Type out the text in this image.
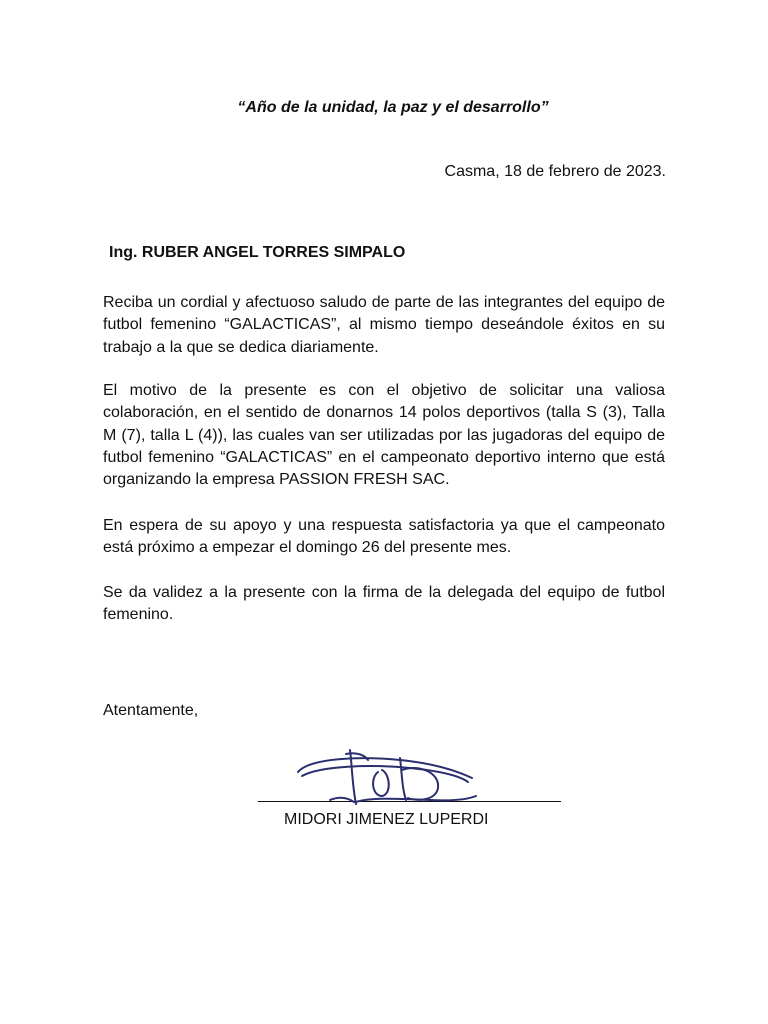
“Año de la unidad, la paz y el desarrollo”
Casma, 18 de febrero de 2023.
Ing. RUBER ANGEL TORRES SIMPALO
Reciba un cordial y afectuoso saludo de parte de las integrantes del equipo de futbol femenino “GALACTICAS”, al mismo tiempo deseándole éxitos en su trabajo a la que se dedica diariamente.
El motivo de la presente es con el objetivo de solicitar una valiosa colaboración, en el sentido de donarnos 14 polos deportivos (talla S (3), Talla M (7), talla L (4)), las cuales van ser utilizadas por las jugadoras del equipo de futbol femenino “GALACTICAS” en el campeonato deportivo interno que está organizando la empresa PASSION FRESH SAC.
En espera de su apoyo y una respuesta satisfactoria ya que el campeonato está próximo a empezar el domingo 26 del presente mes.
Se da validez a la presente con la firma de la delegada del equipo de futbol femenino.
Atentamente,
____________________________________
MIDORI JIMENEZ LUPERDI
